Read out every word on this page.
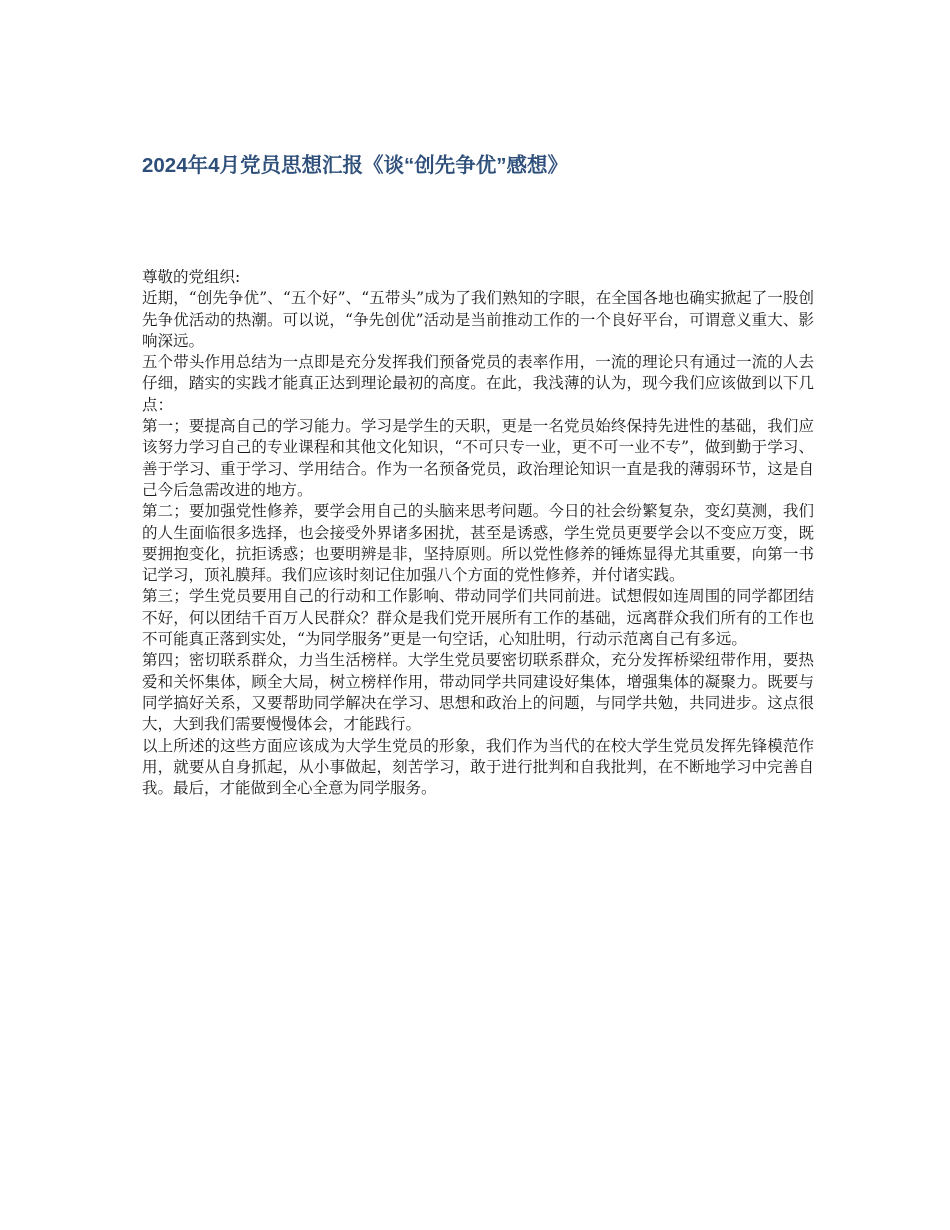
2024年4月党员思想汇报《谈“创先争优”感想》

尊敬的党组织:

近期，“创先争优”、“五个好”、“五带头”成为了我们熟知的字眼，在全国各地也确实掀起了一股创先争优活动的热潮。可以说，“争先创优”活动是当前推动工作的一个良好平台，可谓意义重大、影响深远。

五个带头作用总结为一点即是充分发挥我们预备党员的表率作用，一流的理论只有通过一流的人去仔细，踏实的实践才能真正达到理论最初的高度。在此，我浅薄的认为，现今我们应该做到以下几点：

第一；要提高自己的学习能力。学习是学生的天职，更是一名党员始终保持先进性的基础，我们应该努力学习自己的专业课程和其他文化知识，“不可只专一业，更不可一业不专”，做到勤于学习、善于学习、重于学习、学用结合。作为一名预备党员，政治理论知识一直是我的薄弱环节，这是自己今后急需改进的地方。

第二；要加强党性修养，要学会用自己的头脑来思考问题。今日的社会纷繁复杂，变幻莫测，我们的人生面临很多选择，也会接受外界诸多困扰，甚至是诱惑，学生党员更要学会以不变应万变，既要拥抱变化，抗拒诱惑；也要明辨是非，坚持原则。所以党性修养的锤炼显得尤其重要，向第一书记学习，顶礼膜拜。我们应该时刻记住加强八个方面的党性修养，并付诸实践。

第三；学生党员要用自己的行动和工作影响、带动同学们共同前进。试想假如连周围的同学都团结不好，何以团结千百万人民群众？群众是我们党开展所有工作的基础，远离群众我们所有的工作也不可能真正落到实处，“为同学服务”更是一句空话，心知肚明，行动示范离自己有多远。

第四；密切联系群众，力当生活榜样。大学生党员要密切联系群众，充分发挥桥梁纽带作用，要热爱和关怀集体，顾全大局，树立榜样作用，带动同学共同建设好集体，增强集体的凝聚力。既要与同学搞好关系，又要帮助同学解决在学习、思想和政治上的问题，与同学共勉，共同进步。这点很大，大到我们需要慢慢体会，才能践行。

以上所述的这些方面应该成为大学生党员的形象，我们作为当代的在校大学生党员发挥先锋模范作用，就要从自身抓起，从小事做起，刻苦学习，敢于进行批判和自我批判，在不断地学习中完善自我。最后，才能做到全心全意为同学服务。
